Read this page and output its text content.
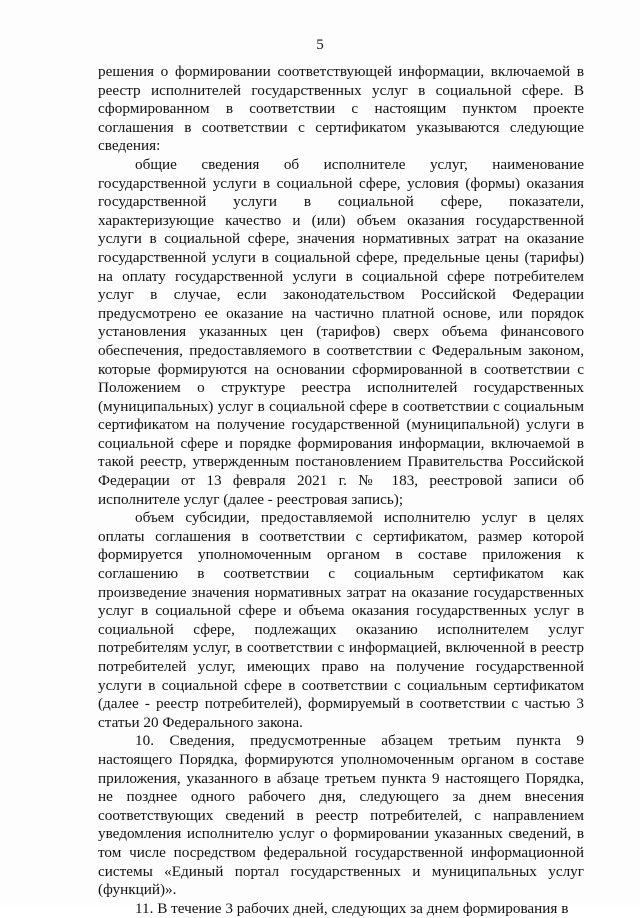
5

решения о формировании соответствующей информации, включаемой в реестр исполнителей государственных услуг в социальной сфере. В сформированном в соответствии с настоящим пунктом проекте соглашения в соответствии с сертификатом указываются следующие сведения:

общие сведения об исполнителе услуг, наименование государственной услуги в социальной сфере, условия (формы) оказания государственной услуги в социальной сфере, показатели, характеризующие качество и (или) объем оказания государственной услуги в социальной сфере, значения нормативных затрат на оказание государственной услуги в социальной сфере, предельные цены (тарифы) на оплату государственной услуги в социальной сфере потребителем услуг в случае, если законодательством Российской Федерации предусмотрено ее оказание на частично платной основе, или порядок установления указанных цен (тарифов) сверх объема финансового обеспечения, предоставляемого в соответствии с Федеральным законом, которые формируются на основании сформированной в соответствии с Положением о структуре реестра исполнителей государственных (муниципальных) услуг в социальной сфере в соответствии с социальным сертификатом на получение государственной (муниципальной) услуги в социальной сфере и порядке формирования информации, включаемой в такой реестр, утвержденным постановлением Правительства Российской Федерации от 13 февраля 2021 г. № 183, реестровой записи об исполнителе услуг (далее - реестровая запись);

объем субсидии, предоставляемой исполнителю услуг в целях оплаты соглашения в соответствии с сертификатом, размер которой формируется уполномоченным органом в составе приложения к соглашению в соответствии с социальным сертификатом как произведение значения нормативных затрат на оказание государственных услуг в социальной сфере и объема оказания государственных услуг в социальной сфере, подлежащих оказанию исполнителем услуг потребителям услуг, в соответствии с информацией, включенной в реестр потребителей услуг, имеющих право на получение государственной услуги в социальной сфере в соответствии с социальным сертификатом (далее - реестр потребителей), формируемый в соответствии с частью 3 статьи 20 Федерального закона.

10. Сведения, предусмотренные абзацем третьим пункта 9 настоящего Порядка, формируются уполномоченным органом в составе приложения, указанного в абзаце третьем пункта 9 настоящего Порядка, не позднее одного рабочего дня, следующего за днем внесения соответствующих сведений в реестр потребителей, с направлением уведомления исполнителю услуг о формировании указанных сведений, в том числе посредством федеральной государственной информационной системы «Единый портал государственных и муниципальных услуг (функций)».

11. В течение 3 рабочих дней, следующих за днем формирования в
